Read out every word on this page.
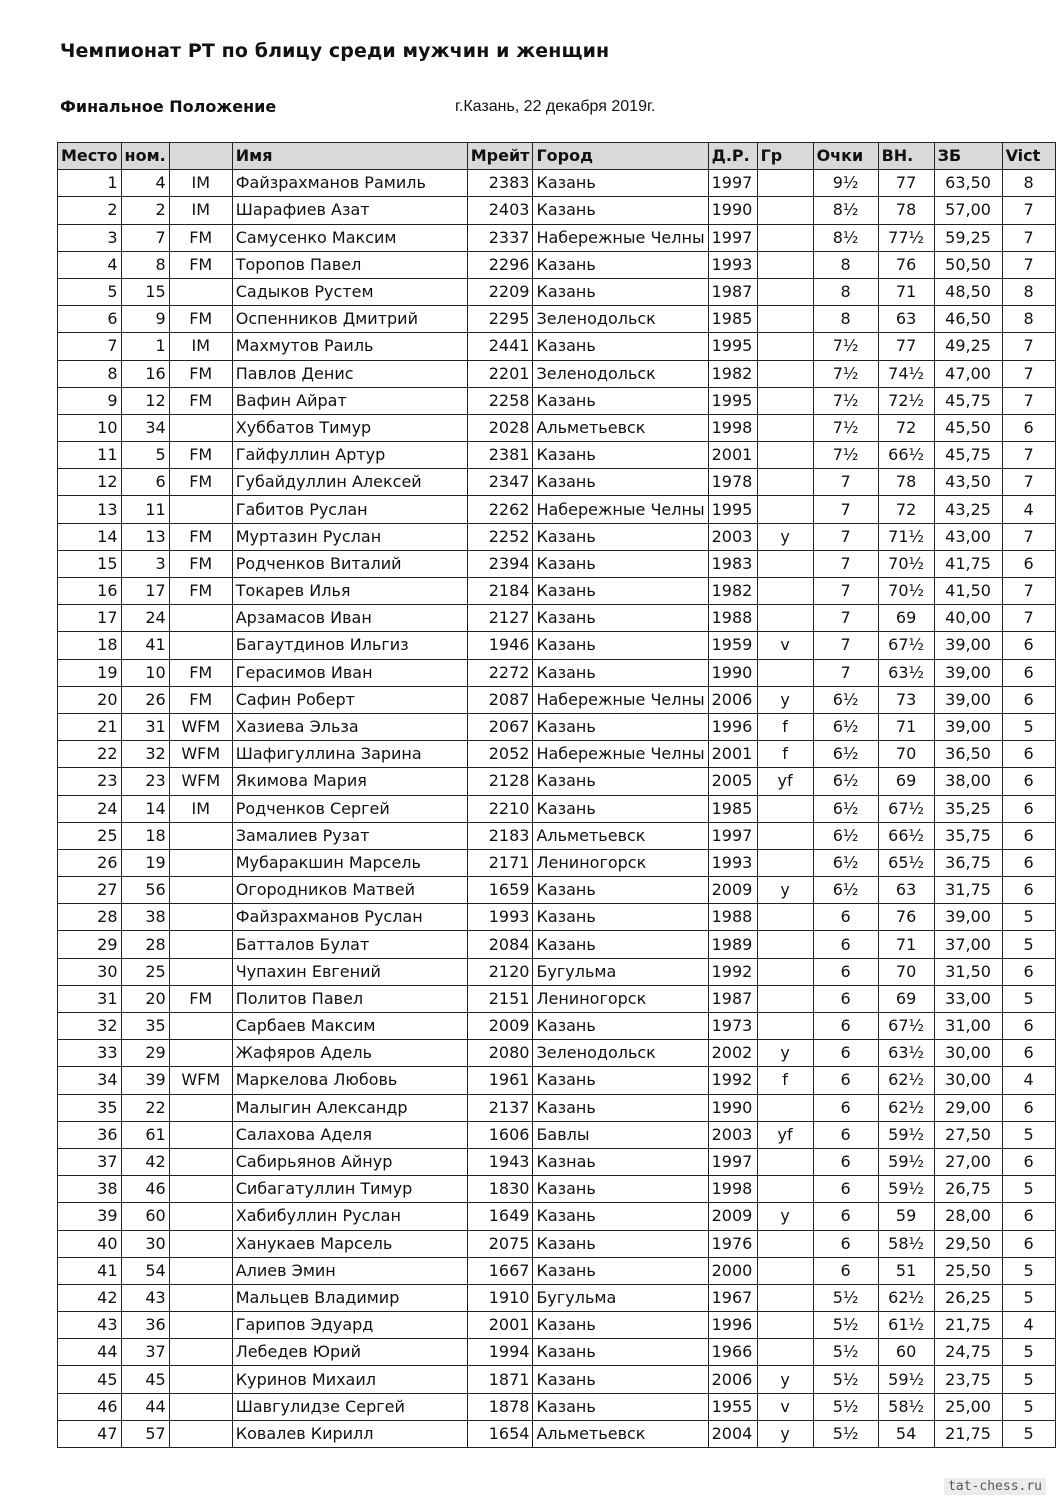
Чемпионат РТ по блицу среди мужчин и женщин
Финальное Положение	г.Казань, 22 декабря 2019г.
Место	ном.		Имя	Мрейт	Город	Д.Р.	Гр	Очки	ВН.	ЗБ	Vict
1	4	IM	Файзрахманов Рамиль	2383	Казань	1997		9½	77	63,50	8
2	2	IM	Шарафиев Азат	2403	Казань	1990		8½	78	57,00	7
3	7	FM	Самусенко Максим	2337	Набережные Челны	1997		8½	77½	59,25	7
4	8	FM	Торопов Павел	2296	Казань	1993		8	76	50,50	7
5	15		Садыков Рустем	2209	Казань	1987		8	71	48,50	8
6	9	FM	Оспенников Дмитрий	2295	Зеленодольск	1985		8	63	46,50	8
7	1	IM	Махмутов Раиль	2441	Казань	1995		7½	77	49,25	7
8	16	FM	Павлов Денис	2201	Зеленодольск	1982		7½	74½	47,00	7
9	12	FM	Вафин Айрат	2258	Казань	1995		7½	72½	45,75	7
10	34		Хуббатов Тимур	2028	Альметьевск	1998		7½	72	45,50	6
11	5	FM	Гайфуллин Артур	2381	Казань	2001		7½	66½	45,75	7
12	6	FM	Губайдуллин Алексей	2347	Казань	1978		7	78	43,50	7
13	11		Габитов Руслан	2262	Набережные Челны	1995		7	72	43,25	4
14	13	FM	Муртазин Руслан	2252	Казань	2003	y	7	71½	43,00	7
15	3	FM	Родченков Виталий	2394	Казань	1983		7	70½	41,75	6
16	17	FM	Токарев Илья	2184	Казань	1982		7	70½	41,50	7
17	24		Арзамасов Иван	2127	Казань	1988		7	69	40,00	7
18	41		Багаутдинов Ильгиз	1946	Казань	1959	v	7	67½	39,00	6
19	10	FM	Герасимов Иван	2272	Казань	1990		7	63½	39,00	6
20	26	FM	Сафин Роберт	2087	Набережные Челны	2006	y	6½	73	39,00	6
21	31	WFM	Хазиева Эльза	2067	Казань	1996	f	6½	71	39,00	5
22	32	WFM	Шафигуллина Зарина	2052	Набережные Челны	2001	f	6½	70	36,50	6
23	23	WFM	Якимова Мария	2128	Казань	2005	yf	6½	69	38,00	6
24	14	IM	Родченков Сергей	2210	Казань	1985		6½	67½	35,25	6
25	18		Замалиев Рузат	2183	Альметьевск	1997		6½	66½	35,75	6
26	19		Мубаракшин Марсель	2171	Лениногорск	1993		6½	65½	36,75	6
27	56		Огородников Матвей	1659	Казань	2009	y	6½	63	31,75	6
28	38		Файзрахманов Руслан	1993	Казань	1988		6	76	39,00	5
29	28		Батталов Булат	2084	Казань	1989		6	71	37,00	5
30	25		Чупахин Евгений	2120	Бугульма	1992		6	70	31,50	6
31	20	FM	Политов Павел	2151	Лениногорск	1987		6	69	33,00	5
32	35		Сарбаев Максим	2009	Казань	1973		6	67½	31,00	6
33	29		Жафяров Адель	2080	Зеленодольск	2002	y	6	63½	30,00	6
34	39	WFM	Маркелова Любовь	1961	Казань	1992	f	6	62½	30,00	4
35	22		Малыгин Александр	2137	Казань	1990		6	62½	29,00	6
36	61		Салахова Аделя	1606	Бавлы	2003	yf	6	59½	27,50	5
37	42		Сабирьянов Айнур	1943	Казнаь	1997		6	59½	27,00	6
38	46		Сибагатуллин Тимур	1830	Казань	1998		6	59½	26,75	5
39	60		Хабибуллин Руслан	1649	Казань	2009	y	6	59	28,00	6
40	30		Ханукаев Марсель	2075	Казань	1976		6	58½	29,50	6
41	54		Алиев Эмин	1667	Казань	2000		6	51	25,50	5
42	43		Мальцев Владимир	1910	Бугульма	1967		5½	62½	26,25	5
43	36		Гарипов Эдуард	2001	Казань	1996		5½	61½	21,75	4
44	37		Лебедев Юрий	1994	Казань	1966		5½	60	24,75	5
45	45		Куринов Михаил	1871	Казань	2006	y	5½	59½	23,75	5
46	44		Шавгулидзе Сергей	1878	Казань	1955	v	5½	58½	25,00	5
47	57		Ковалев Кирилл	1654	Альметьевск	2004	y	5½	54	21,75	5
tat-chess.ru
